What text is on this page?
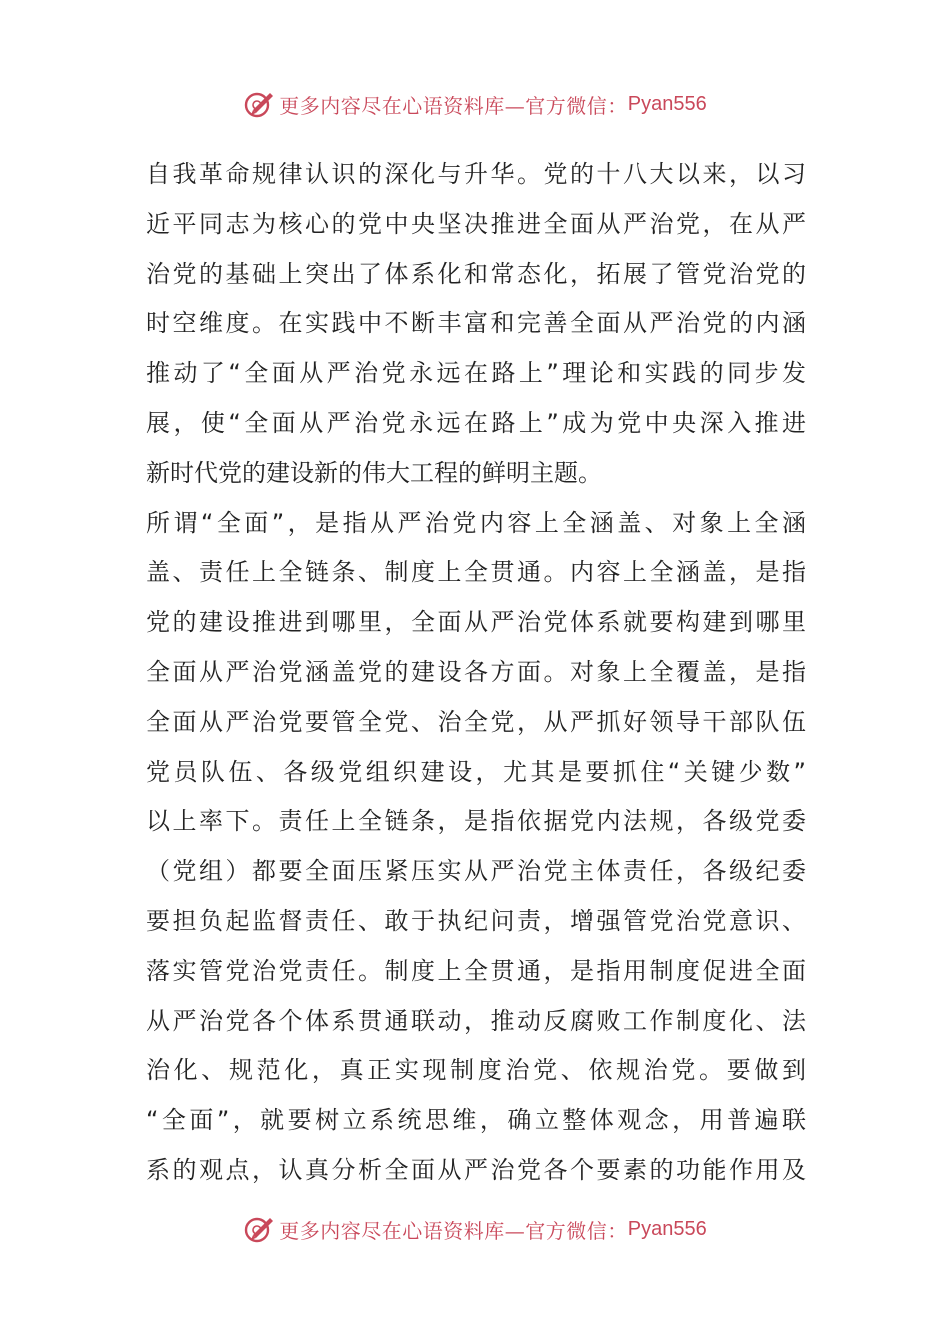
更多内容尽在心语资料库—官方微信： Pyan556
自我革命规律认识的深化与升华。党的十八大以来，以习
近平同志为核心的党中央坚决推进全面从严治党，在从严
治党的基础上突出了体系化和常态化，拓展了管党治党的
时空维度。在实践中不断丰富和完善全面从严治党的内涵
推动了“全面从严治党永远在路上”理论和实践的同步发
展，使“全面从严治党永远在路上”成为党中央深入推进
新时代党的建设新的伟大工程的鲜明主题。
所谓“全面”，是指从严治党内容上全涵盖、对象上全涵
盖、责任上全链条、制度上全贯通。内容上全涵盖，是指
党的建设推进到哪里，全面从严治党体系就要构建到哪里
全面从严治党涵盖党的建设各方面。对象上全覆盖，是指
全面从严治党要管全党、治全党，从严抓好领导干部队伍
党员队伍、各级党组织建设，尤其是要抓住“关键少数”
以上率下。责任上全链条，是指依据党内法规，各级党委
（党组）都要全面压紧压实从严治党主体责任，各级纪委
要担负起监督责任、敢于执纪问责，增强管党治党意识、
落实管党治党责任。制度上全贯通，是指用制度促进全面
从严治党各个体系贯通联动，推动反腐败工作制度化、法
治化、规范化，真正实现制度治党、依规治党。要做到
“全面”，就要树立系统思维，确立整体观念，用普遍联
系的观点，认真分析全面从严治党各个要素的功能作用及
更多内容尽在心语资料库—官方微信： Pyan556
